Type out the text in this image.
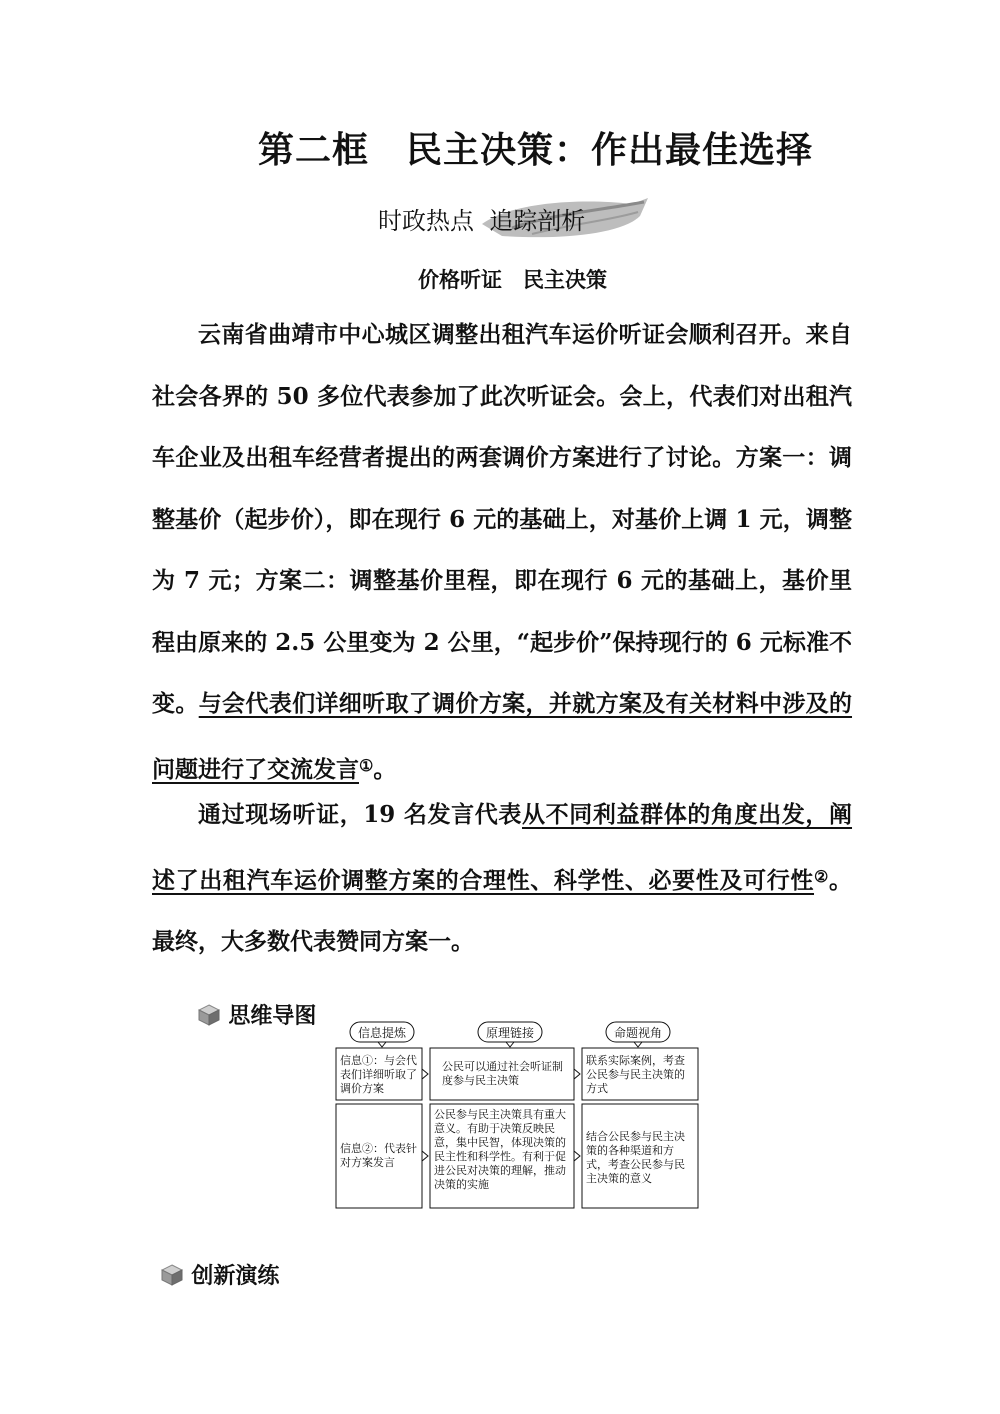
第二框　民主决策：作出最佳选择
时政热点  追踪剖析
价格听证　民主决策
云南省曲靖市中心城区调整出租汽车运价听证会顺利召开。来自社会各界的 50 多位代表参加了此次听证会。会上，代表们对出租汽车企业及出租车经营者提出的两套调价方案进行了讨论。方案一：调整基价（起步价），即在现行 6 元的基础上，对基价上调 1 元，调整为 7 元；方案二：调整基价里程，即在现行 6 元的基础上，基价里程由原来的 2.5 公里变为 2 公里，“起步价”保持现行的 6 元标准不变。与会代表们详细听取了调价方案，并就方案及有关材料中涉及的问题进行了交流发言①。
通过现场听证，19 名发言代表从不同利益群体的角度出发，阐述了出租汽车运价调整方案的合理性、科学性、必要性及可行性②。最终，大多数代表赞同方案一。

思维导图

信息提炼	原理链接	命题视角
信息①：与会代表们详细听取了调价方案
公民可以通过社会听证制度参与民主决策
联系实际案例，考查公民参与民主决策的方式
信息②：代表针对方案发言
公民参与民主决策具有重大意义。有助于决策反映民意，集中民智，体现决策的民主性和科学性。有利于促进公民对决策的理解，推动决策的实施
结合公民参与民主决策的各种渠道和方式，考查公民参与民主决策的意义

创新演练
